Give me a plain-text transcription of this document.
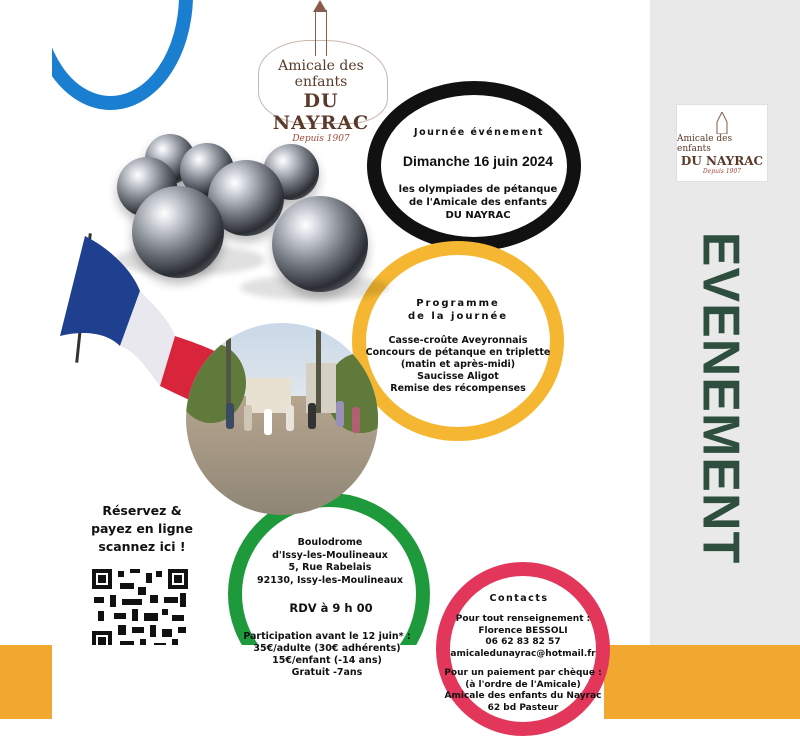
Amicale des enfants
DU NAYRAC
Depuis 1907
EVENEMENT
Amicale des enfants
DU NAYRAC
Depuis 1907
Journée événement
Dimanche 16 juin 2024
les olympiades de pétanque
de l'Amicale des enfants
DU NAYRAC
Programme
de la journée
Casse-croûte Aveyronnais
Concours de pétanque en triplette
(matin et après-midi)
Saucisse Aligot
Remise des récompenses
Réservez &
payez en ligne
scannez ici !	Boulodrome
d'Issy-les-Moulineaux
5, Rue Rabelais
92130, Issy-les-Moulineaux
RDV à 9 h 00
Participation avant le 12 juin* :
35€/adulte (30€ adhérents)
15€/enfant (-14 ans)
Gratuit -7ans
Contacts
Pour tout renseignement :
Florence BESSOLI
06 62 83 82 57
amicaledunayrac@hotmail.fr
Pour un paiement par chèque :
(à l'ordre de l'Amicale)
Amicale des enfants du Nayrac
62 bd Pasteur
